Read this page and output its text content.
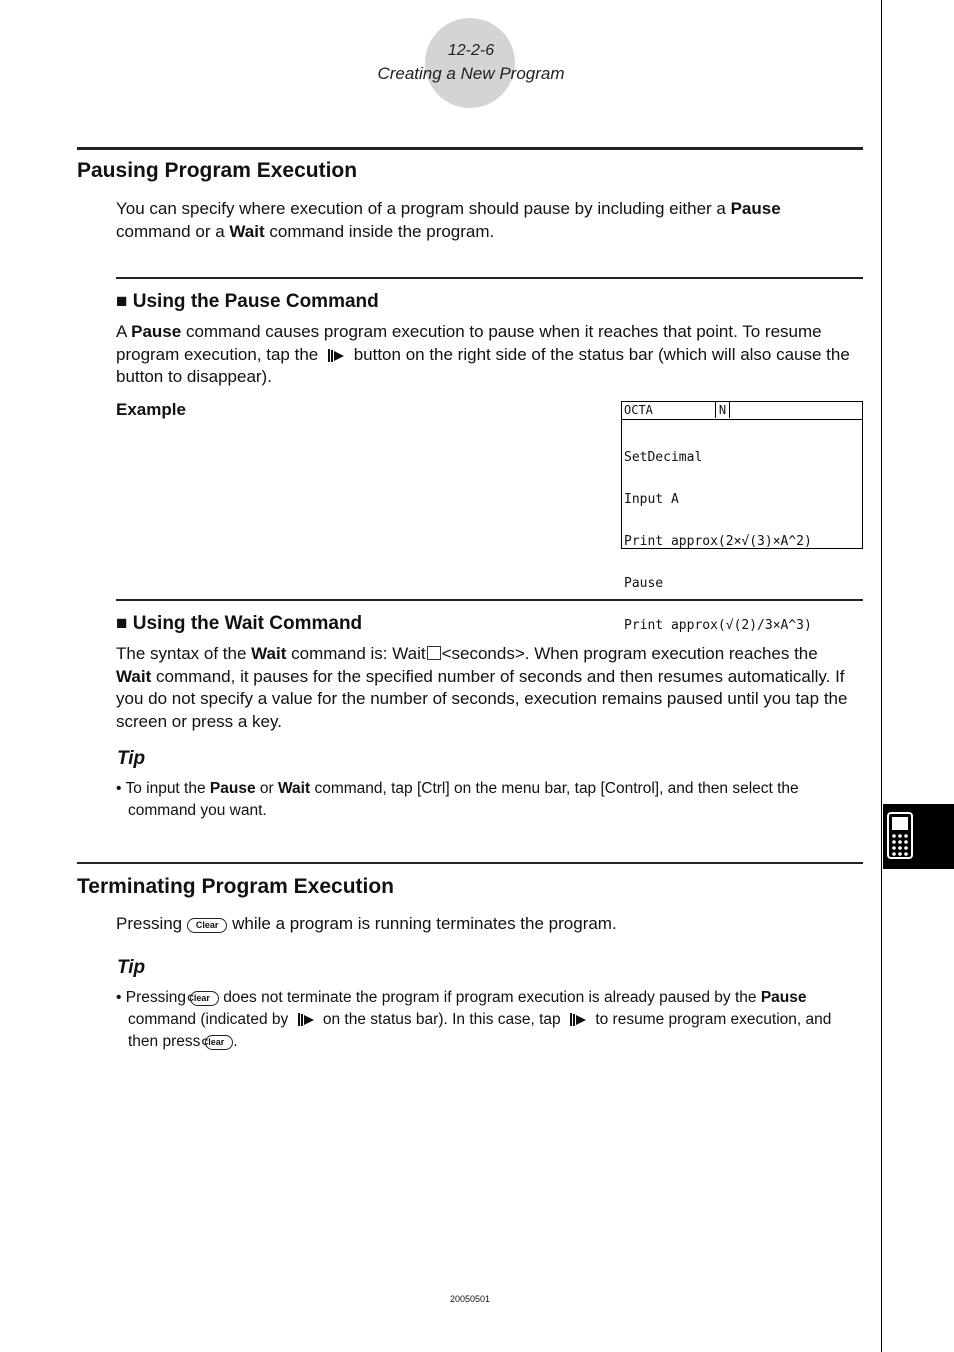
12-2-6
Creating a New Program
Pausing Program Execution
You can specify where execution of a program should pause by including either a Pause command or a Wait command inside the program.
■ Using the Pause Command
A Pause command causes program execution to pause when it reaches that point. To resume program execution, tap the button on the right side of the status bar (which will also cause the button to disappear).
Example	OCTA	N

SetDecimal

Input A

Print approx(2×√(3)×A^2)

Pause

Print approx(√(2)/3×A^3)

■ Using the Wait Command
The syntax of the Wait command is: Wait <seconds>. When program execution reaches the Wait command, it pauses for the specified number of seconds and then resumes automatically. If you do not specify a value for the number of seconds, execution remains paused until you tap the screen or press a key.
Tip
• To input the Pause or Wait command, tap [Ctrl] on the menu bar, tap [Control], and then select the command you want.
Terminating Program Execution
Pressing Clear while a program is running terminates the program.
Tip
• Pressing Clear does not terminate the program if program execution is already paused by the Pause command (indicated by on the status bar). In this case, tap to resume program execution, and then press Clear .
20050501
